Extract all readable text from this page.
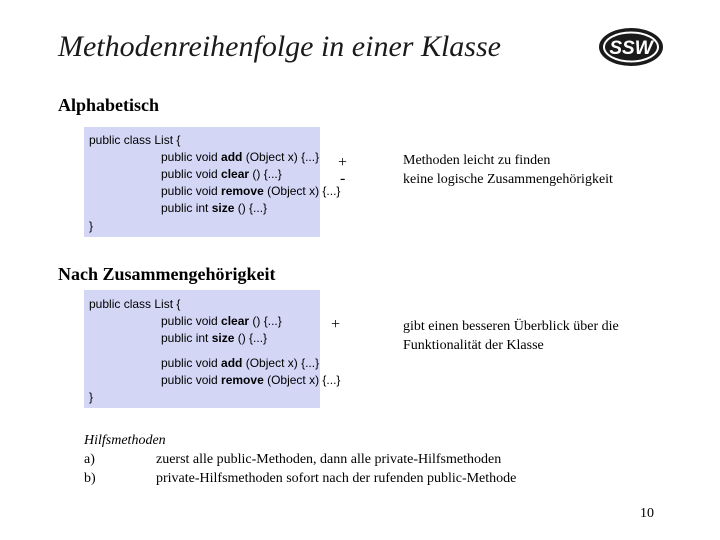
Methodenreihenfolge in einer Klasse	SSW
Alphabetisch
public class List {
public void add (Object x) {...}
public void clear () {...}
public void remove (Object x) {...}
public int size () {...}
}
+
-
Methoden leicht zu finden
keine logische Zusammengehörigkeit
Nach Zusammengehörigkeit
public class List {
public void clear () {...}
public int size () {...}
public void add (Object x) {...}
public void remove (Object x) {...}
}
+	gibt einen besseren Überblick über die
Funktionalität der Klasse
Hilfsmethoden
a)	zuerst alle public-Methoden, dann alle private-Hilfsmethoden
b)	private-Hilfsmethoden sofort nach der rufenden public-Methode
10
